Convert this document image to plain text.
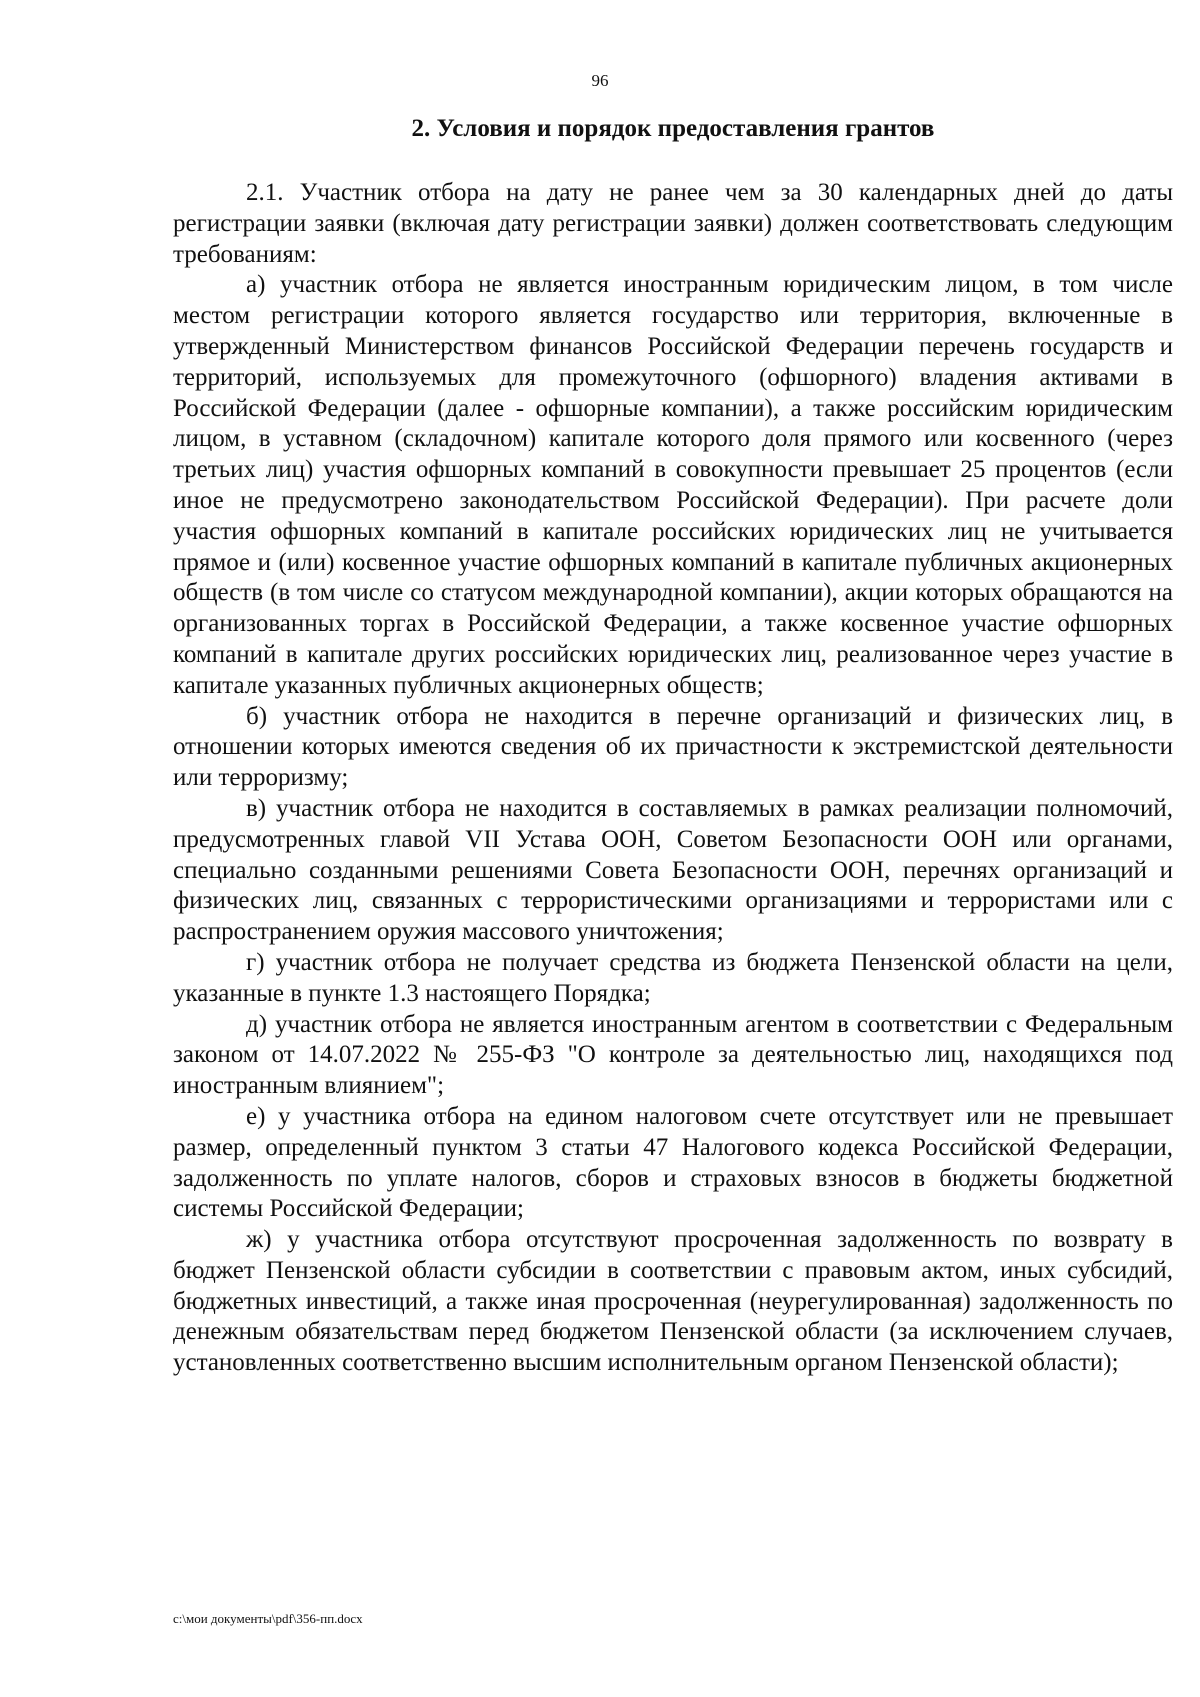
96
2. Условия и порядок предоставления грантов

2.1. Участник отбора на дату не ранее чем за 30 календарных дней до даты регистрации заявки (включая дату регистрации заявки) должен соответствовать следующим требованиям:

а) участник отбора не является иностранным юридическим лицом, в том числе местом регистрации которого является государство или территория, включенные в утвержденный Министерством финансов Российской Федерации перечень государств и территорий, используемых для промежуточного (офшорного) владения активами в Российской Федерации (далее - офшорные компании), а также российским юридическим лицом, в уставном (складочном) капитале которого доля прямого или косвенного (через третьих лиц) участия офшорных компаний в совокупности превышает 25 процентов (если иное не предусмотрено законодательством Российской Федерации). При расчете доли участия офшорных компаний в капитале российских юридических лиц не учитывается прямое и (или) косвенное участие офшорных компаний в капитале публичных акционерных обществ (в том числе со статусом международной компании), акции которых обращаются на организованных торгах в Российской Федерации, а также косвенное участие офшорных компаний в капитале других российских юридических лиц, реализованное через участие в капитале указанных публичных акционерных обществ;

б) участник отбора не находится в перечне организаций и физических лиц, в отношении которых имеются сведения об их причастности к экстремистской деятельности или терроризму;

в) участник отбора не находится в составляемых в рамках реализации полномочий, предусмотренных главой VII Устава ООН, Советом Безопасности ООН или органами, специально созданными решениями Совета Безопасности ООН, перечнях организаций и физических лиц, связанных с террористическими организациями и террористами или с распространением оружия массового уничтожения;

г) участник отбора не получает средства из бюджета Пензенской области на цели, указанные в пункте 1.3 настоящего Порядка;

д) участник отбора не является иностранным агентом в соответствии с Федеральным законом от 14.07.2022 № 255-ФЗ "О контроле за деятельностью лиц, находящихся под иностранным влиянием";

е) у участника отбора на едином налоговом счете отсутствует или не превышает размер, определенный пунктом 3 статьи 47 Налогового кодекса Российской Федерации, задолженность по уплате налогов, сборов и страховых взносов в бюджеты бюджетной системы Российской Федерации;

ж) у участника отбора отсутствуют просроченная задолженность по возврату в бюджет Пензенской области субсидии в соответствии с правовым актом, иных субсидий, бюджетных инвестиций, а также иная просроченная (неурегулированная) задолженность по денежным обязательствам перед бюджетом Пензенской области (за исключением случаев, установленных соответственно высшим исполнительным органом Пензенской области);

c:\мои документы\pdf\356-пп.docx
